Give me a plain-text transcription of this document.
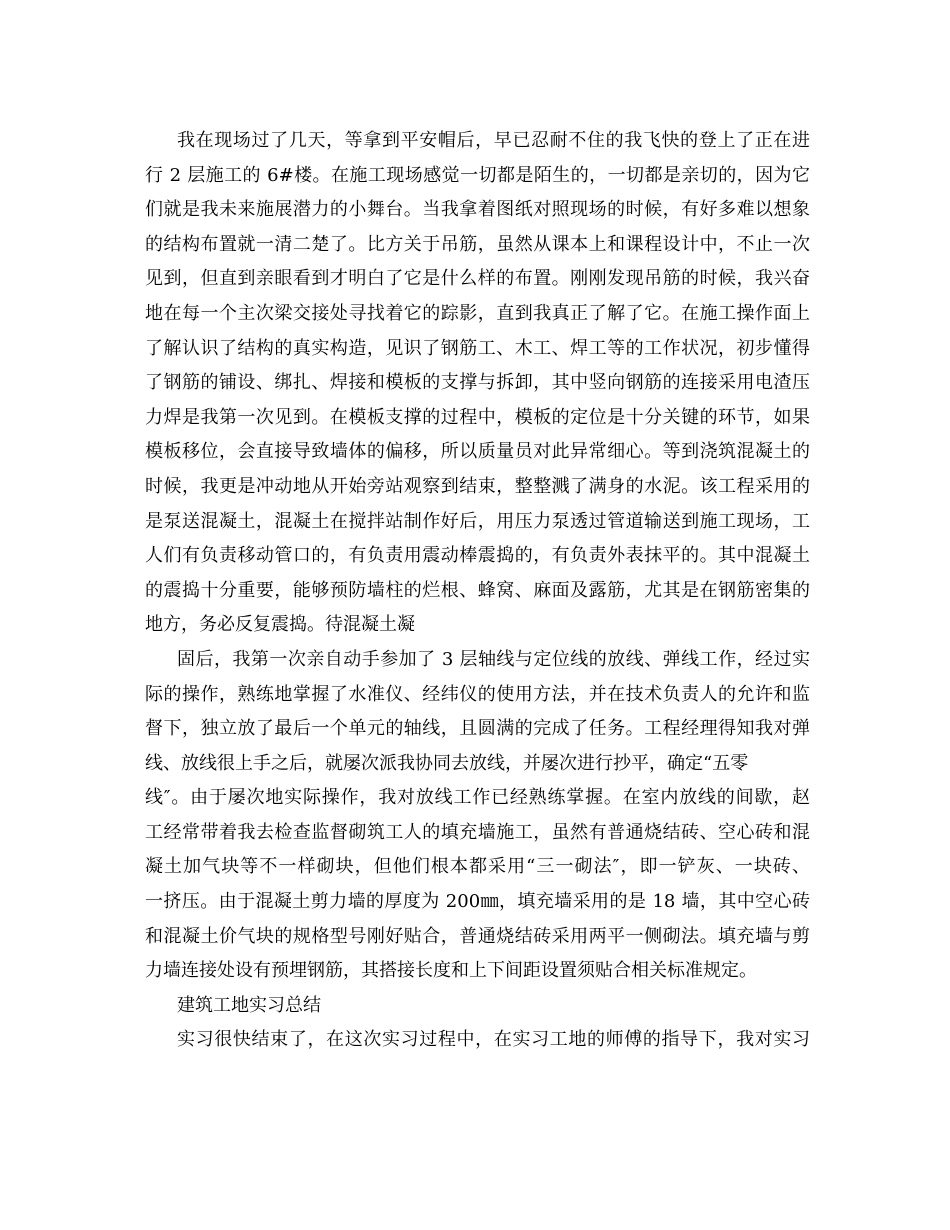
我在现场过了几天，等拿到平安帽后，早已忍耐不住的我飞快的登上了正在进
行 2 层施工的 6#楼。在施工现场感觉一切都是陌生的，一切都是亲切的，因为它
们就是我未来施展潜力的小舞台。当我拿着图纸对照现场的时候，有好多难以想象
的结构布置就一清二楚了。比方关于吊筋，虽然从课本上和课程设计中，不止一次
见到，但直到亲眼看到才明白了它是什么样的布置。刚刚发现吊筋的时候，我兴奋
地在每一个主次梁交接处寻找着它的踪影，直到我真正了解了它。在施工操作面上
了解认识了结构的真实构造，见识了钢筋工、木工、焊工等的工作状况，初步懂得
了钢筋的铺设、绑扎、焊接和模板的支撑与拆卸，其中竖向钢筋的连接采用电渣压
力焊是我第一次见到。在模板支撑的过程中，模板的定位是十分关键的环节，如果
模板移位，会直接导致墙体的偏移，所以质量员对此异常细心。等到浇筑混凝土的
时候，我更是冲动地从开始旁站观察到结束，整整溅了满身的水泥。该工程采用的
是泵送混凝土，混凝土在搅拌站制作好后，用压力泵透过管道输送到施工现场，工
人们有负责移动管口的，有负责用震动棒震捣的，有负责外表抹平的。其中混凝土
的震捣十分重要，能够预防墙柱的烂根、蜂窝、麻面及露筋，尤其是在钢筋密集的
地方，务必反复震捣。待混凝土凝
固后，我第一次亲自动手参加了 3 层轴线与定位线的放线、弹线工作，经过实
际的操作，熟练地掌握了水准仪、经纬仪的使用方法，并在技术负责人的允许和监
督下，独立放了最后一个单元的轴线，且圆满的完成了任务。工程经理得知我对弹
线、放线很上手之后，就屡次派我协同去放线，并屡次进行抄平，确定“五零
线″。由于屡次地实际操作，我对放线工作已经熟练掌握。在室内放线的间歇，赵
工经常带着我去检查监督砌筑工人的填充墙施工，虽然有普通烧结砖、空心砖和混
凝土加气块等不一样砌块，但他们根本都采用“三一砌法″，即一铲灰、一块砖、
一挤压。由于混凝土剪力墙的厚度为 200㎜，填充墙采用的是 18 墙，其中空心砖
和混凝土价气块的规格型号刚好贴合，普通烧结砖采用两平一侧砌法。填充墙与剪
力墙连接处设有预埋钢筋，其搭接长度和上下间距设置须贴合相关标准规定。
建筑工地实习总结
实习很快结束了，在这次实习过程中，在实习工地的师傅的指导下，我对实习
